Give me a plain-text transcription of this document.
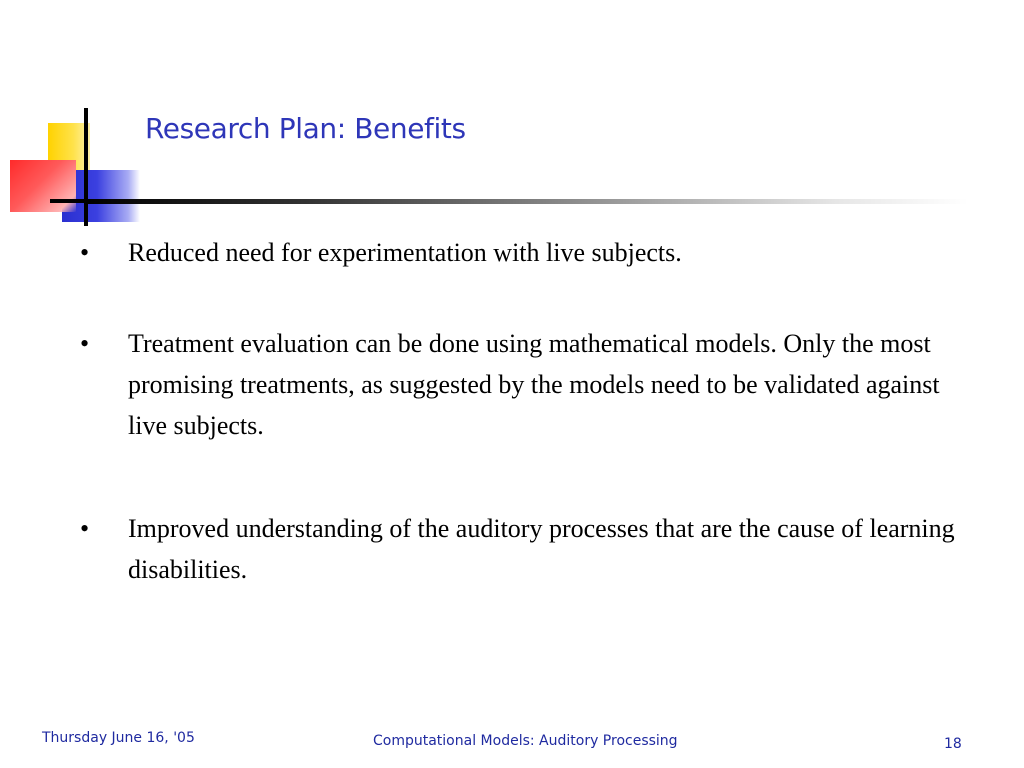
Research Plan: Benefits
• Reduced need for experimentation with live subjects.
• Treatment evaluation can be done using mathematical models. Only the most promising treatments, as suggested by the models need to be validated against live subjects.
• Improved understanding of the auditory processes that are the cause of learning disabilities.
Thursday June 16, '05	Computational Models: Auditory Processing	18
